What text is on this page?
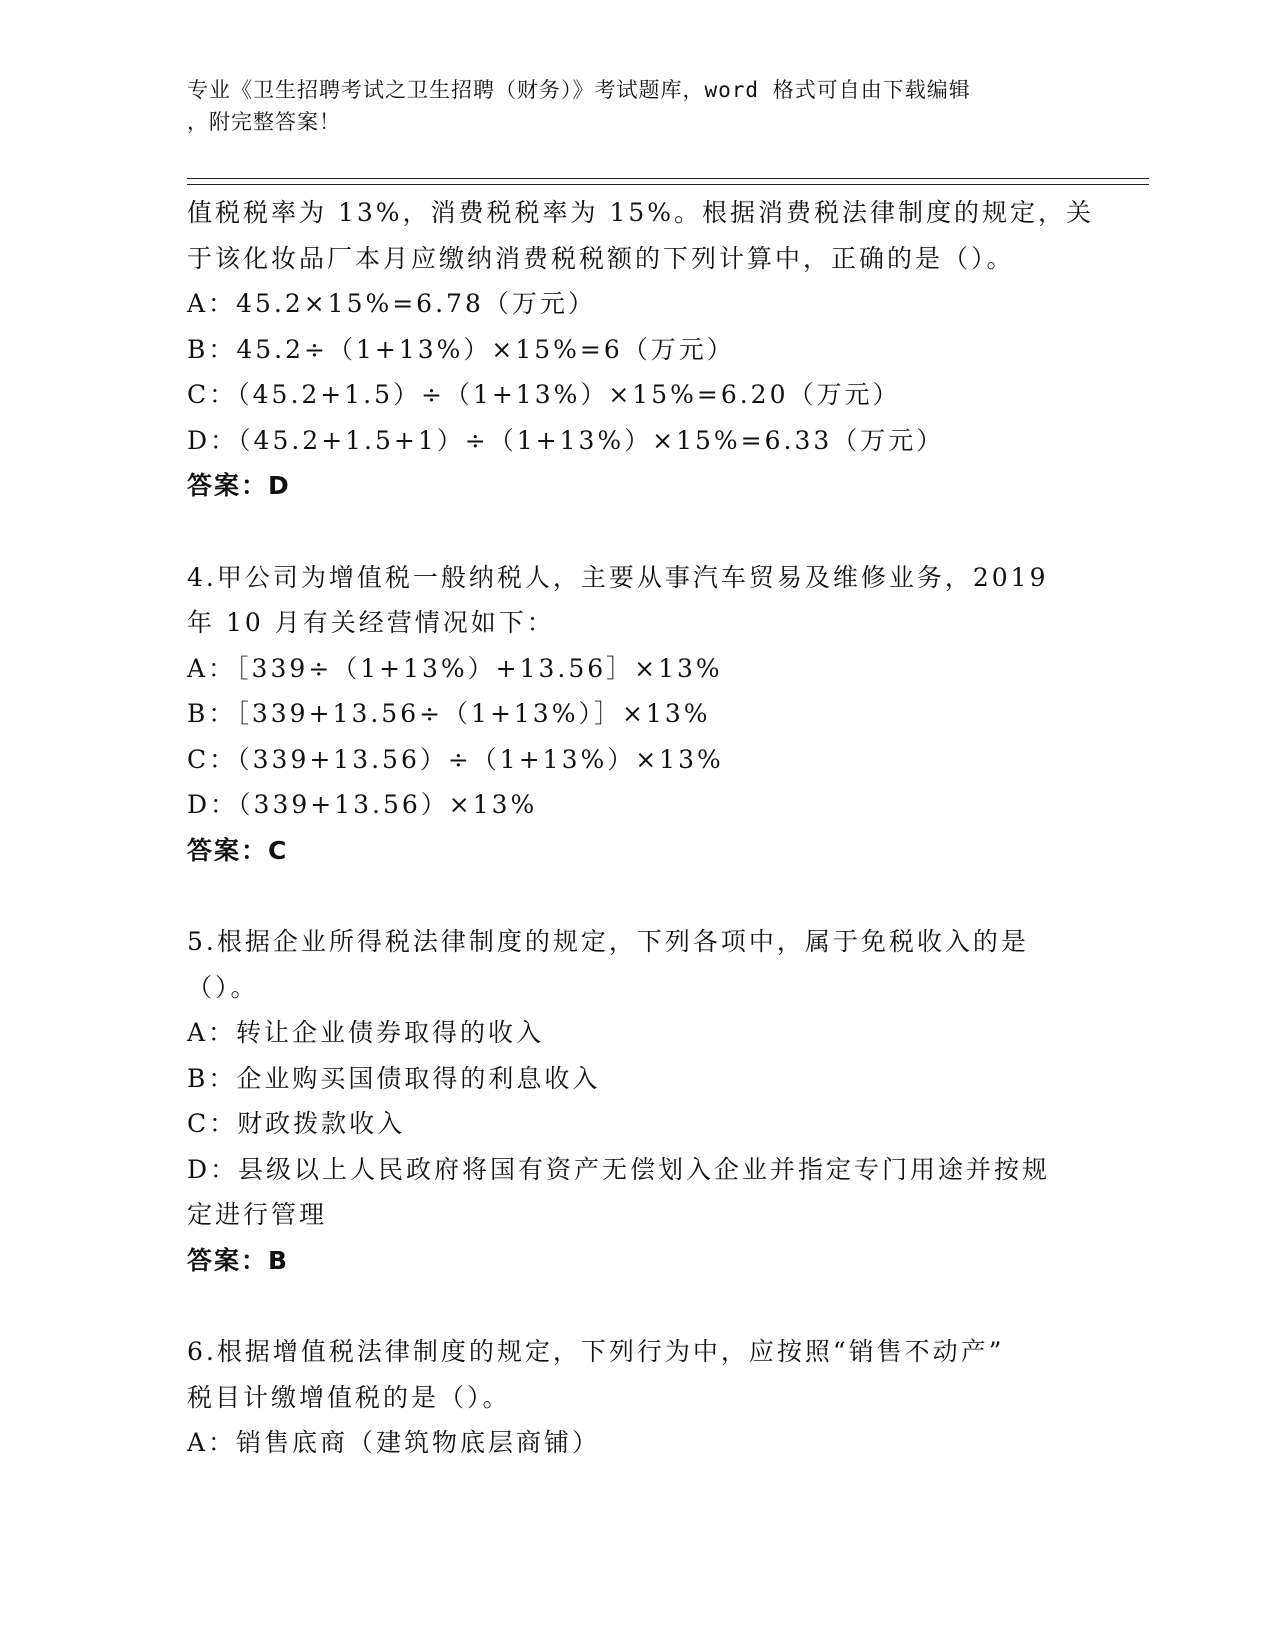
专业《卫生招聘考试之卫生招聘（财务）》考试题库，word 格式可自由下载编辑
，附完整答案！
值税税率为 13%，消费税税率为 15%。根据消费税法律制度的规定，关
于该化妆品厂本月应缴纳消费税税额的下列计算中，正确的是（）。
A：45.2×15%=6.78（万元）
B：45.2÷（1+13%）×15%=6（万元）
C：（45.2+1.5）÷（1+13%）×15%=6.20（万元）
D：（45.2+1.5+1）÷（1+13%）×15%=6.33（万元）
答案：D
4.甲公司为增值税一般纳税人，主要从事汽车贸易及维修业务，2019
年 10 月有关经营情况如下：
A：［339÷（1+13%）+13.56］×13%
B：［339+13.56÷（1+13%）］×13%
C：（339+13.56）÷（1+13%）×13%
D：（339+13.56）×13%
答案：C
5.根据企业所得税法律制度的规定，下列各项中，属于免税收入的是
（）。
A：转让企业债券取得的收入
B：企业购买国债取得的利息收入
C：财政拨款收入
D：县级以上人民政府将国有资产无偿划入企业并指定专门用途并按规
定进行管理
答案：B
6.根据增值税法律制度的规定，下列行为中，应按照“销售不动产”
税目计缴增值税的是（）。
A：销售底商（建筑物底层商铺）
